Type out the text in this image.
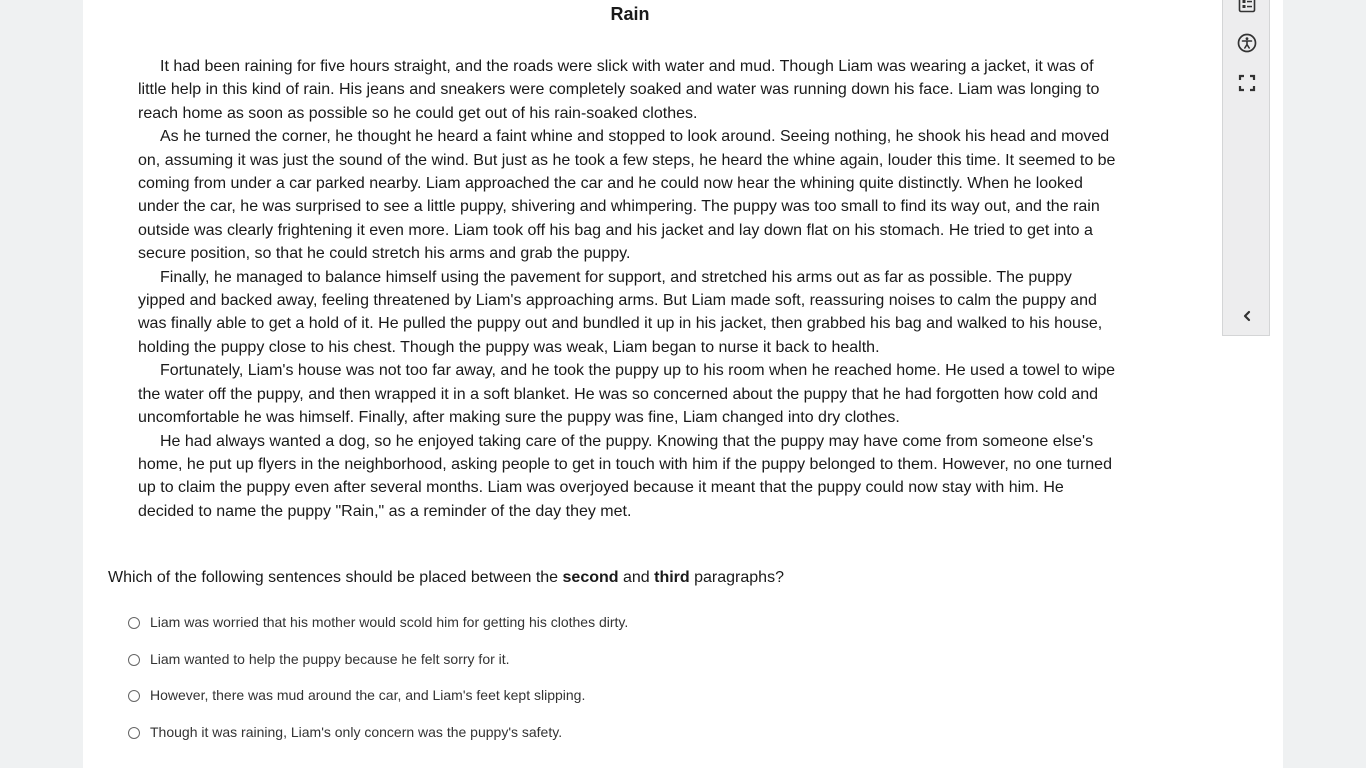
Rain

It had been raining for five hours straight, and the roads were slick with water and mud. Though Liam was wearing a jacket, it was of little help in this kind of rain. His jeans and sneakers were completely soaked and water was running down his face. Liam was longing to reach home as soon as possible so he could get out of his rain-soaked clothes.

As he turned the corner, he thought he heard a faint whine and stopped to look around. Seeing nothing, he shook his head and moved on, assuming it was just the sound of the wind. But just as he took a few steps, he heard the whine again, louder this time. It seemed to be coming from under a car parked nearby. Liam approached the car and he could now hear the whining quite distinctly. When he looked under the car, he was surprised to see a little puppy, shivering and whimpering. The puppy was too small to find its way out, and the rain outside was clearly frightening it even more. Liam took off his bag and his jacket and lay down flat on his stomach. He tried to get into a secure position, so that he could stretch his arms and grab the puppy.

Finally, he managed to balance himself using the pavement for support, and stretched his arms out as far as possible. The puppy yipped and backed away, feeling threatened by Liam's approaching arms. But Liam made soft, reassuring noises to calm the puppy and was finally able to get a hold of it. He pulled the puppy out and bundled it up in his jacket, then grabbed his bag and walked to his house, holding the puppy close to his chest. Though the puppy was weak, Liam began to nurse it back to health.

Fortunately, Liam's house was not too far away, and he took the puppy up to his room when he reached home. He used a towel to wipe the water off the puppy, and then wrapped it in a soft blanket. He was so concerned about the puppy that he had forgotten how cold and uncomfortable he was himself. Finally, after making sure the puppy was fine, Liam changed into dry clothes.

He had always wanted a dog, so he enjoyed taking care of the puppy. Knowing that the puppy may have come from someone else's home, he put up flyers in the neighborhood, asking people to get in touch with him if the puppy belonged to them. However, no one turned up to claim the puppy even after several months. Liam was overjoyed because it meant that the puppy could now stay with him. He decided to name the puppy "Rain," as a reminder of the day they met.

Which of the following sentences should be placed between the second and third paragraphs?
Liam was worried that his mother would scold him for getting his clothes dirty.
Liam wanted to help the puppy because he felt sorry for it.
However, there was mud around the car, and Liam's feet kept slipping.
Though it was raining, Liam's only concern was the puppy's safety.
